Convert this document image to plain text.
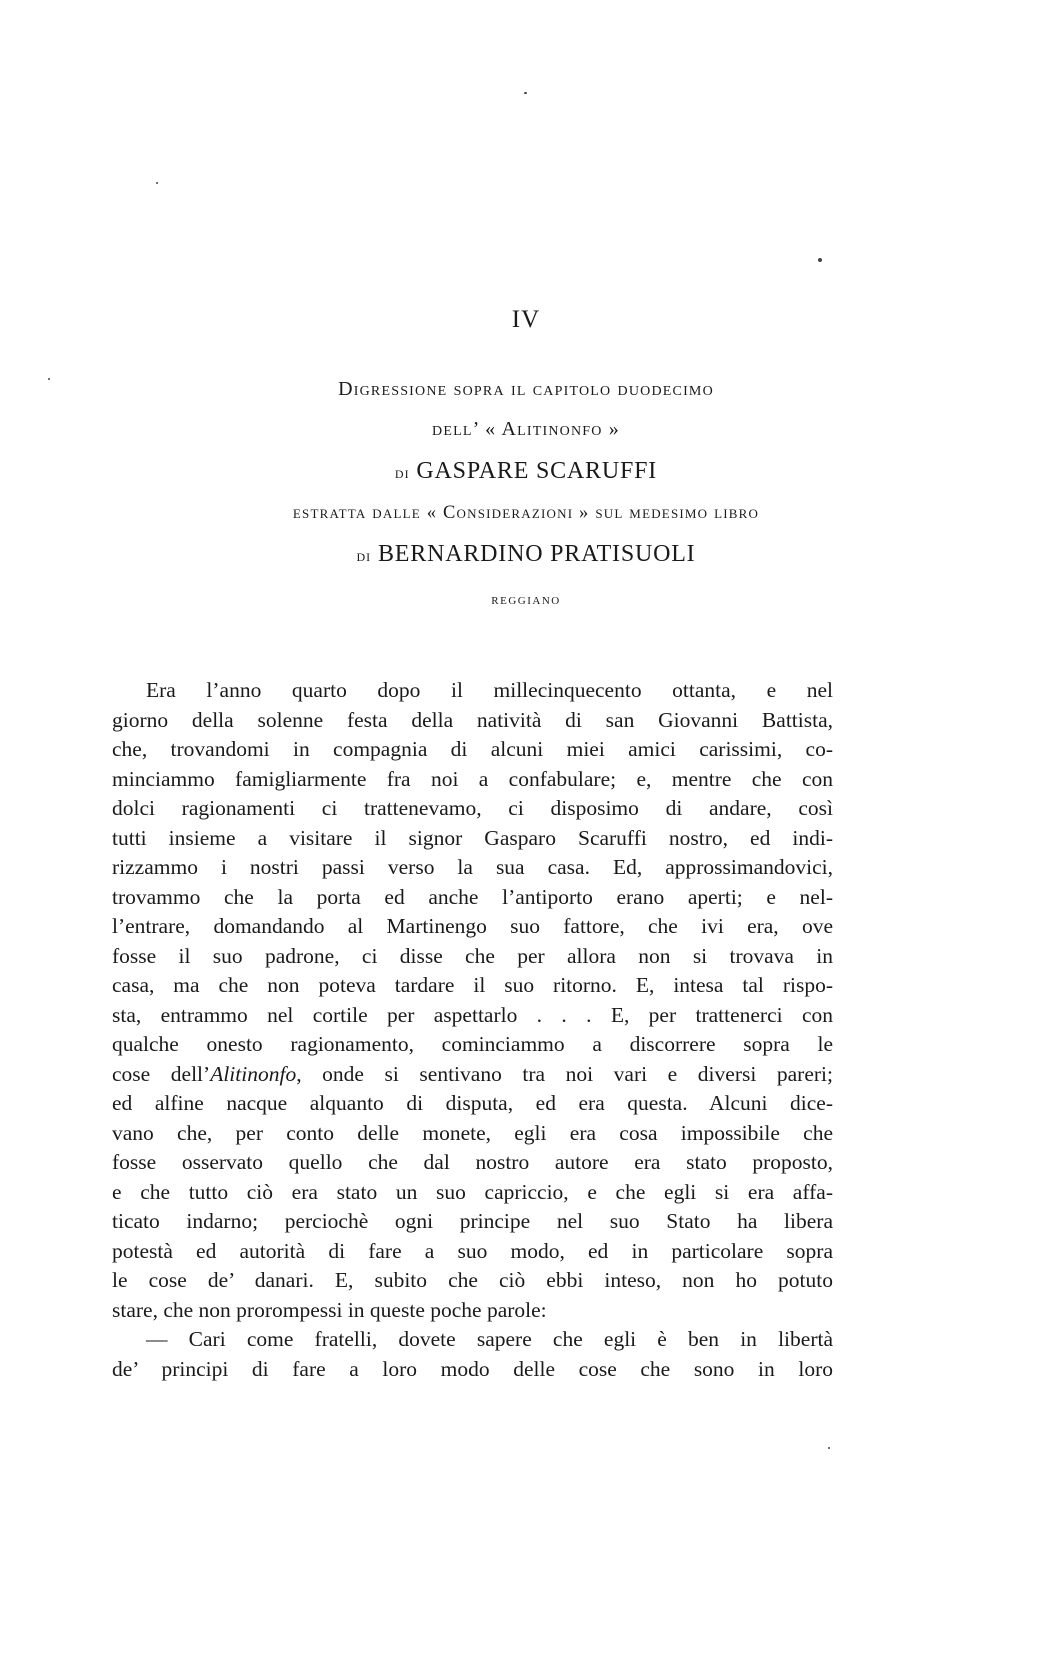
IV
Digressione sopra il capitolo duodecimo
dell’ « Alitinonfo »
di GASPARE SCARUFFI
estratta dalle « Considerazioni » sul medesimo libro
di BERNARDINO PRATISUOLI
reggiano
Era l’anno quarto dopo il millecinquecento ottanta, e nel
giorno della solenne festa della natività di san Giovanni Battista,
che, trovandomi in compagnia di alcuni miei amici carissimi, co-
minciammo famigliarmente fra noi a confabulare; e, mentre che con
dolci ragionamenti ci trattenevamo, ci disposimo di andare, così
tutti insieme a visitare il signor Gasparo Scaruffi nostro, ed indi-
rizzammo i nostri passi verso la sua casa. Ed, approssimandovici,
trovammo che la porta ed anche l’antiporto erano aperti; e nel-
l’entrare, domandando al Martinengo suo fattore, che ivi era, ove
fosse il suo padrone, ci disse che per allora non si trovava in
casa, ma che non poteva tardare il suo ritorno. E, intesa tal rispo-
sta, entrammo nel cortile per aspettarlo . . . E, per trattenerci con
qualche onesto ragionamento, cominciammo a discorrere sopra le
cose dell’Alitinonfo, onde si sentivano tra noi vari e diversi pareri;
ed alfine nacque alquanto di disputa, ed era questa. Alcuni dice-
vano che, per conto delle monete, egli era cosa impossibile che
fosse osservato quello che dal nostro autore era stato proposto,
e che tutto ciò era stato un suo capriccio, e che egli si era affa-
ticato indarno; perciochè ogni principe nel suo Stato ha libera
potestà ed autorità di fare a suo modo, ed in particolare sopra
le cose de’ danari. E, subito che ciò ebbi inteso, non ho potuto
stare, che non prorompessi in queste poche parole:
— Cari come fratelli, dovete sapere che egli è ben in libertà
de’ principi di fare a loro modo delle cose che sono in loro
